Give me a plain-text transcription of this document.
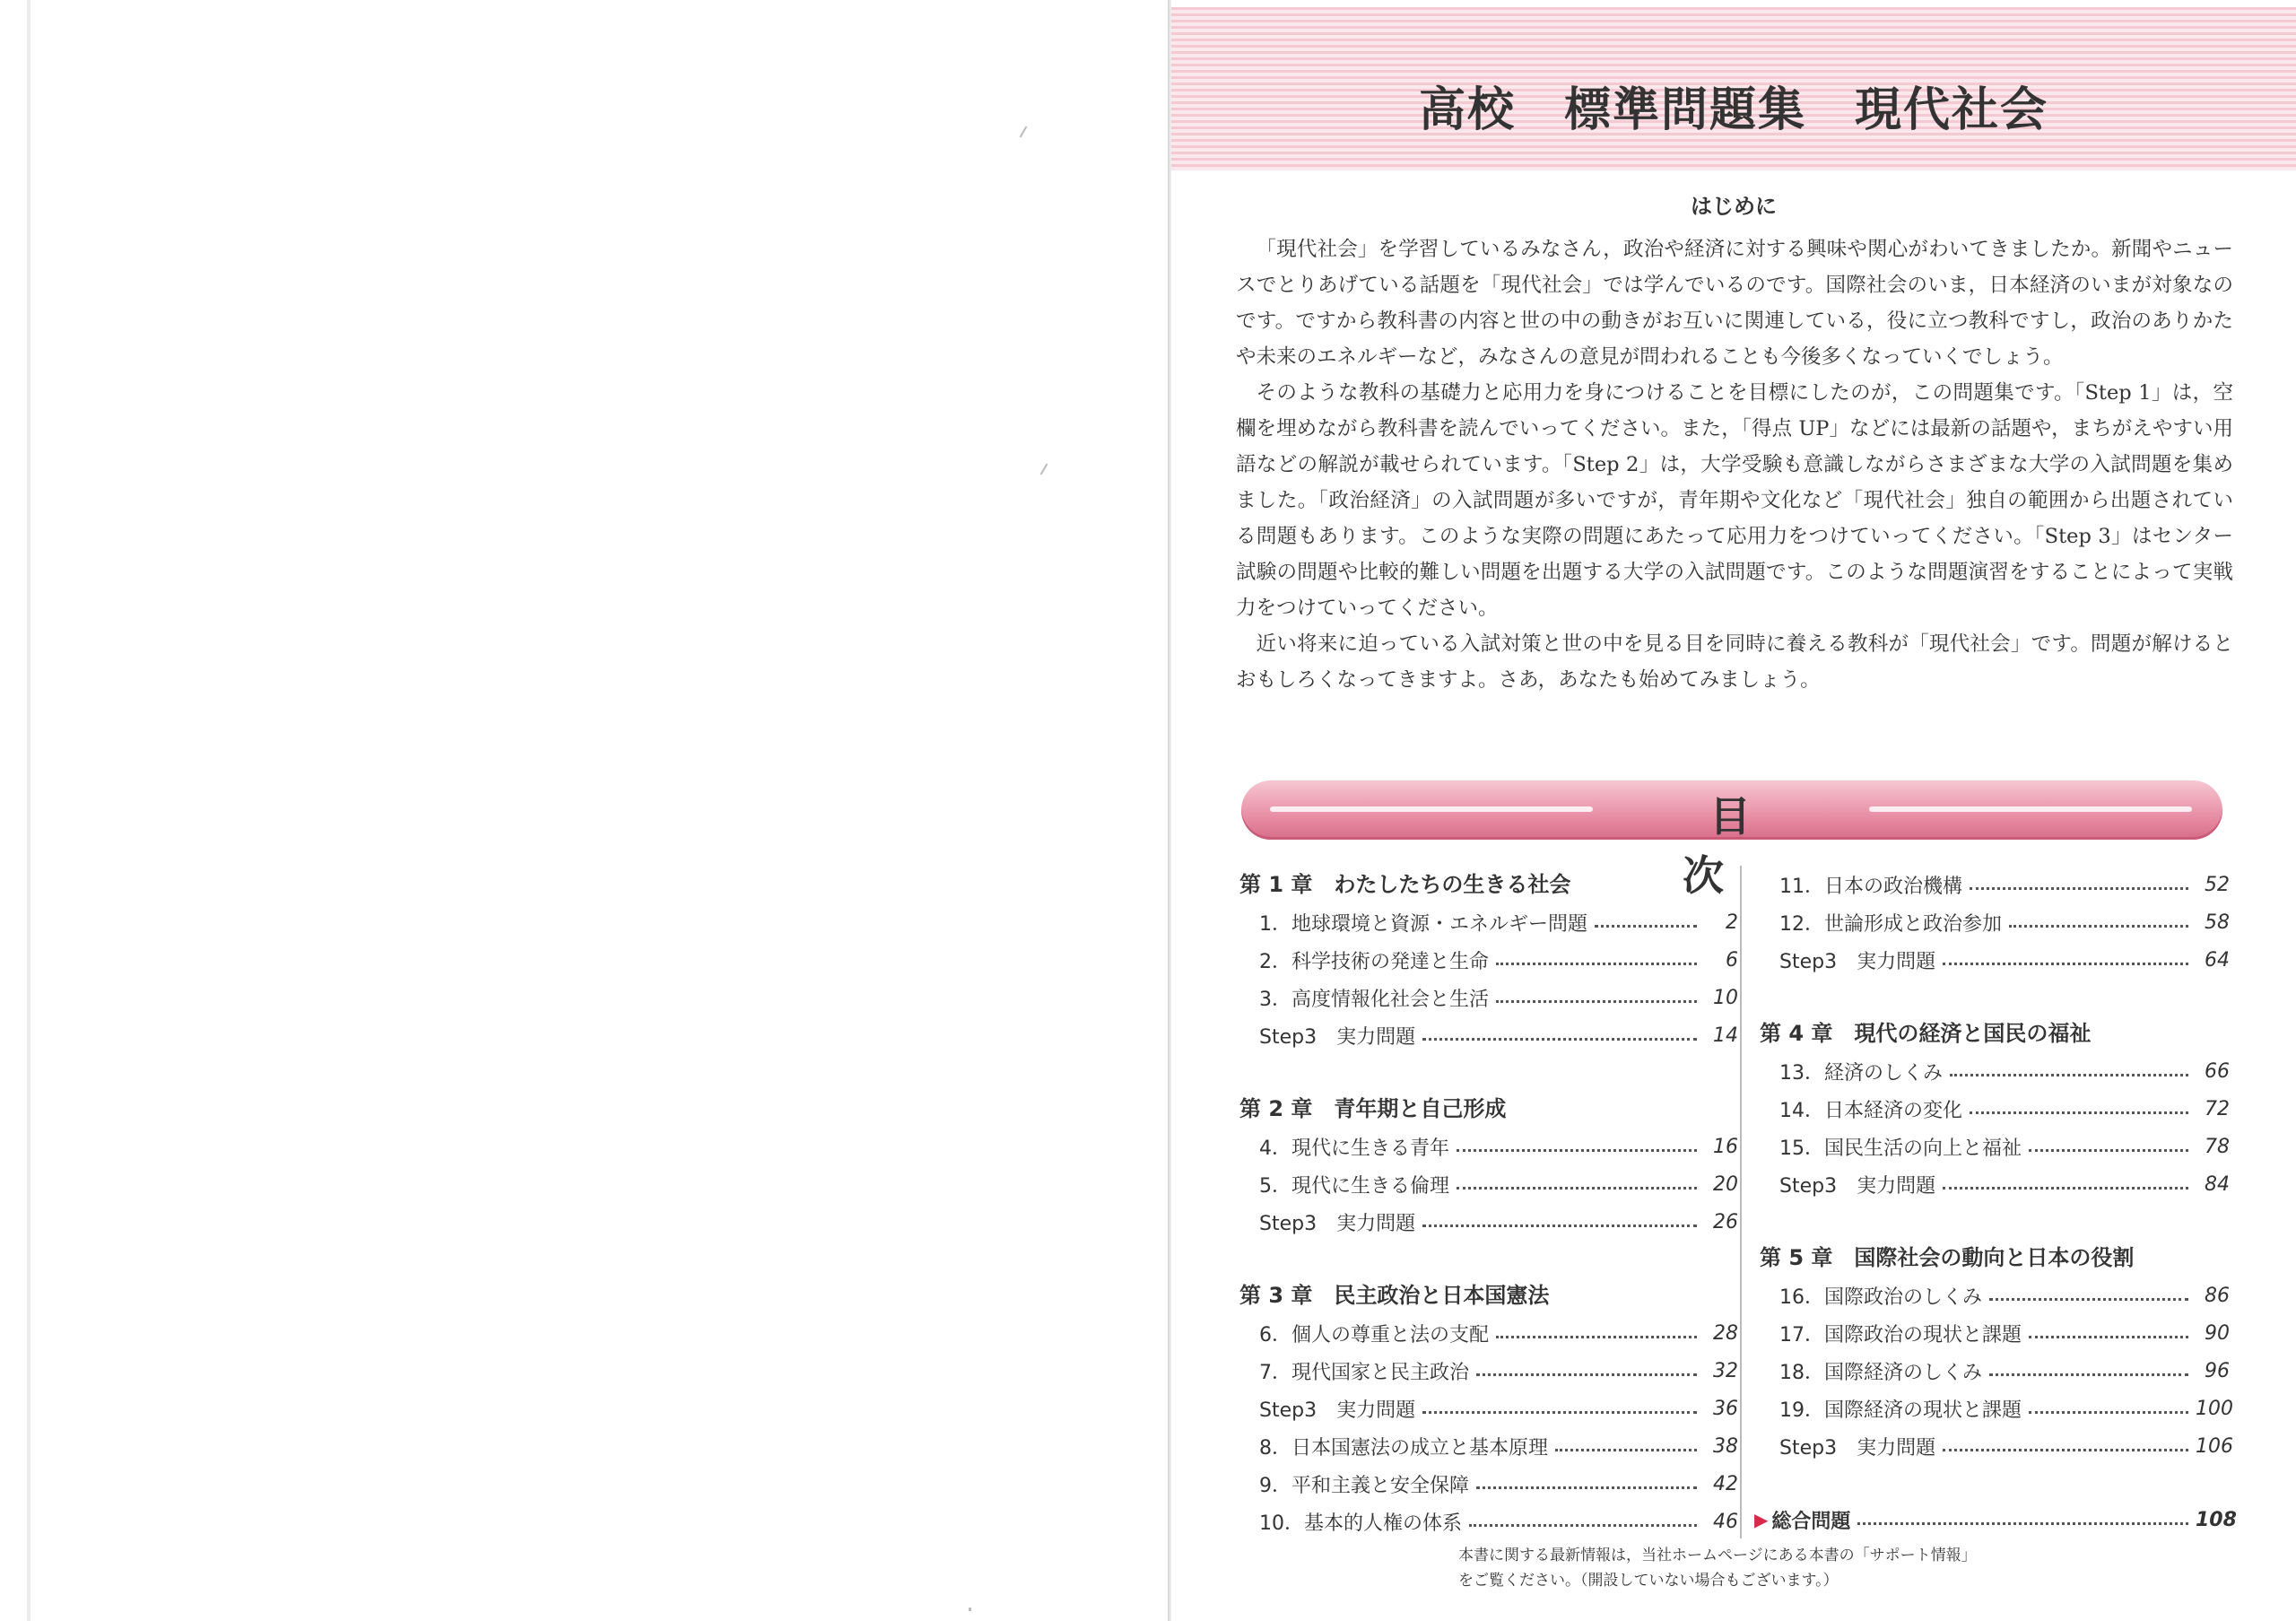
高校　標準問題集　現代社会
はじめに

「現代社会」を学習しているみなさん，政治や経済に対する興味や関心がわいてきましたか。新聞やニュースでとりあげている話題を「現代社会」では学んでいるのです。国際社会のいま，日本経済のいまが対象なのです。ですから教科書の内容と世の中の動きがお互いに関連している，役に立つ教科ですし，政治のありかたや未来のエネルギーなど，みなさんの意見が問われることも今後多くなっていくでしょう。

そのような教科の基礎力と応用力を身につけることを目標にしたのが，この問題集です。「Step 1」は，空欄を埋めながら教科書を読んでいってください。また，「得点 UP」などには最新の話題や，まちがえやすい用語などの解説が載せられています。「Step 2」は，大学受験も意識しながらさまざまな大学の入試問題を集めました。「政治経済」の入試問題が多いですが，青年期や文化など「現代社会」独自の範囲から出題されている問題もあります。このような実際の問題にあたって応用力をつけていってください。「Step 3」はセンター試験の問題や比較的難しい問題を出題する大学の入試問題です。このような問題演習をすることによって実戦力をつけていってください。

近い将来に迫っている入試対策と世の中を見る目を同時に養える教科が「現代社会」です。問題が解けるとおもしろくなってきますよ。さあ，あなたも始めてみましょう。

目次
第 1 章　わたしたちの生きる社会
1．地球環境と資源・エネルギー問題	2
2．科学技術の発達と生命	6
3．高度情報化社会と生活	10
Step3　実力問題	14
第 2 章　青年期と自己形成
4．現代に生きる青年	16
5．現代に生きる倫理	20
Step3　実力問題	26
第 3 章　民主政治と日本国憲法
6．個人の尊重と法の支配	28
7．現代国家と民主政治	32
Step3　実力問題	36
8．日本国憲法の成立と基本原理	38
9．平和主義と安全保障	42
10．基本的人権の体系	46
11．日本の政治機構	52
12．世論形成と政治参加	58
Step3　実力問題	64
第 4 章　現代の経済と国民の福祉
13．経済のしくみ	66
14．日本経済の変化	72
15．国民生活の向上と福祉	78
Step3　実力問題	84
第 5 章　国際社会の動向と日本の役割
16．国際政治のしくみ	86
17．国際政治の現状と課題	90
18．国際経済のしくみ	96
19．国際経済の現状と課題	100
Step3　実力問題	106
▶ 総合問題	108
本書に関する最新情報は，当社ホームページにある本書の「サポート情報」
をご覧ください。（開設していない場合もございます。）
